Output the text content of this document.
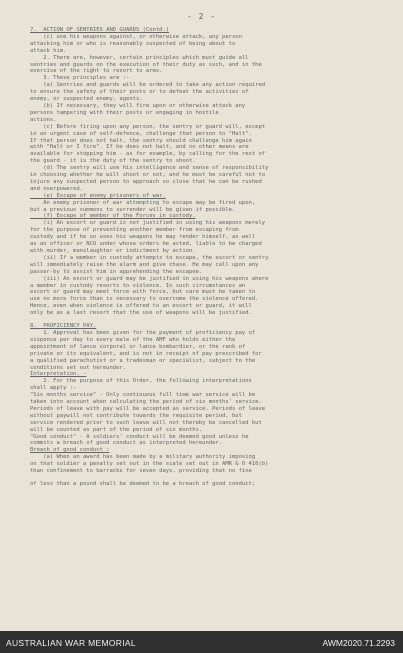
- 2 -

7.  ACTION OF SENTRIES AND GUARDS (Contd.)

(c) use his weapons against, or otherwise attack, any person

attacking him or who is reasonably suspected of being about to

attack him.

2. There are, however, certain principles which must guide all

sentries and guards on the execution of their duty as such, and in the

exercise of the right to resort to arms.

3. These principles are :-

(a) Sentries and guards will be ordered to take any action required

to ensure the safety of their posts or to defeat the activities of

enemy, or suspected enemy, agents.

(b) If necessary, they will fire upon or otherwise attack any

persons tampering with their posts or engaging in hostile

actions.

(c) Before firing upon any person, the sentry or guard will, except

in an urgent case of self-defence, challenge that person to "Halt".

If that person does not halt, the sentry should challenge him again

with "Halt or I fire". If he does not halt, and no other means are

available for stopping him - as for example, by calling for the rest of

the guard - it is the duty of the sentry to shoot.

(d) The sentry will use his intelligence and sense of responsibility

in choosing whether he will shoot or not, and he must be careful not to

injure any suspected person to approach so close that he can be rushed

and overpowered.

(e) Escape of enemy prisoners of war.

An enemy prisoner of war attempting to escape may be fired upon,

but a previous summons to surrender will be given if possible.

(f) Escape of member of the Forces in custody.

(i) An escort or guard is not justified in using his weapons merely

for the purpose of preventing another member from escaping from

custody and if he so uses his weapons he may render himself, as well

as an officer or NCO under whose orders he acted, liable to be charged

with murder, manslaughter or indictment by action.

(ii) If a member in custody attempts to escape, the escort or sentry

will immediately raise the alarm and give chase. He may call upon any

passer-by to assist him in apprehending the escapee.

(iii) An escort or guard may be justified in using his weapons where

a member in custody resorts to violence. In such circumstances an

escort or guard may meet force with force, but care must be taken to

use no more force than is necessary to overcome the violence offered.

Hence, even when violence is offered to an escort or guard, it will

only be as a last resort that the use of weapons will be justified.

8.  PROFICIENCY PAY.

1. Approval has been given for the payment of proficiency pay of

sixpence per day to every male of the AMF who holds either the

appointment of lance corporal or lance bombardier, or the rank of

private or its equivalent, and is not in receipt of pay prescribed for

a qualified parachutist or a tradesman or specialist, subject to the

conditions set out hereunder.

Interpretation. -

2. For the purpose of this Order, the following interpretations

shall apply :-

"Six months service" - Only continuous full time war service will be

taken into account when calculating the period of six months' service.

Periods of leave with pay will be accepted as service. Periods of leave

without paywill not contribute towards the requisite period, but

service rendered prior to such leave will not thereby be cancelled but

will be counted as part of the period of six months.

"Good conduct" - A soldiers' conduct will be deemed good unless he

commits a breach of good conduct as interpreted hereunder.

Breach of good conduct :

(a) When an award has been made by a military authority imposing

on that soldier a penalty set out in the scale set out in AMR & O 416(b)

than confinement to barracks for seven days, providing that no fine

of less than a pound shall be deemed to be a breach of good conduct;

AUSTRALIAN WAR MEMORIAL	AWM2020.71.2293
